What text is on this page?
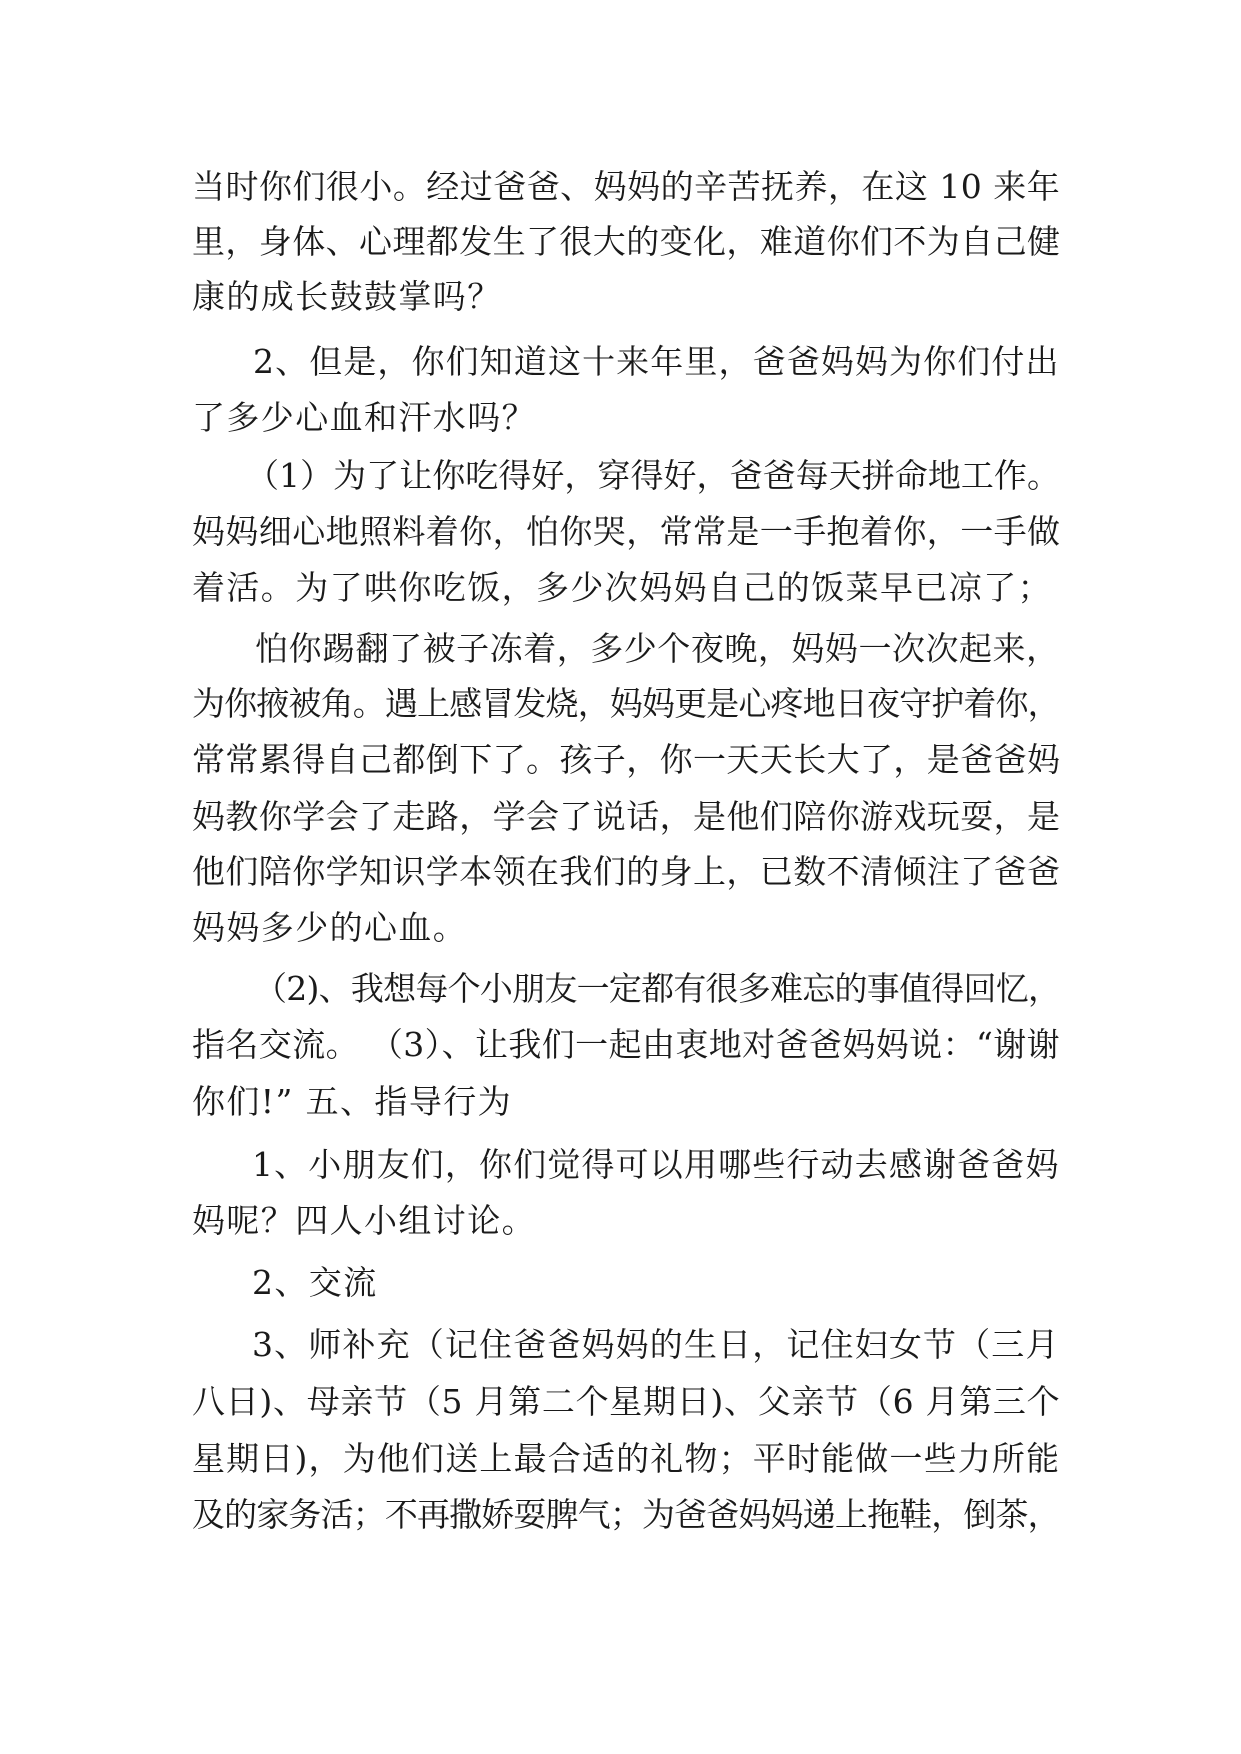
当时你们很小。经过爸爸、妈妈的辛苦抚养，在这 10 来年
里，身体、心理都发生了很大的变化，难道你们不为自己健
康的成长鼓鼓掌吗？
2、但是，你们知道这十来年里，爸爸妈妈为你们付出
了多少心血和汗水吗？
（1）为了让你吃得好，穿得好，爸爸每天拼命地工作。
妈妈细心地照料着你，怕你哭，常常是一手抱着你，一手做
着活。为了哄你吃饭，多少次妈妈自己的饭菜早已凉了；
怕你踢翻了被子冻着，多少个夜晚，妈妈一次次起来，
为你掖被角。遇上感冒发烧，妈妈更是心疼地日夜守护着你，
常常累得自己都倒下了。孩子，你一天天长大了，是爸爸妈
妈教你学会了走路，学会了说话，是他们陪你游戏玩耍，是
他们陪你学知识学本领在我们的身上，已数不清倾注了爸爸
妈妈多少的心血。
（2)、我想每个小朋友一定都有很多难忘的事值得回忆，
指名交流。 （3）、让我们一起由衷地对爸爸妈妈说：“谢谢
你们!” 五、指导行为
1、小朋友们，你们觉得可以用哪些行动去感谢爸爸妈
妈呢？四人小组讨论。
2、交流
3、师补充（记住爸爸妈妈的生日，记住妇女节（三月
八日)、母亲节（5 月第二个星期日)、父亲节（6 月第三个
星期日)，为他们送上最合适的礼物；平时能做一些力所能
及的家务活；不再撒娇耍脾气；为爸爸妈妈递上拖鞋，倒茶，
